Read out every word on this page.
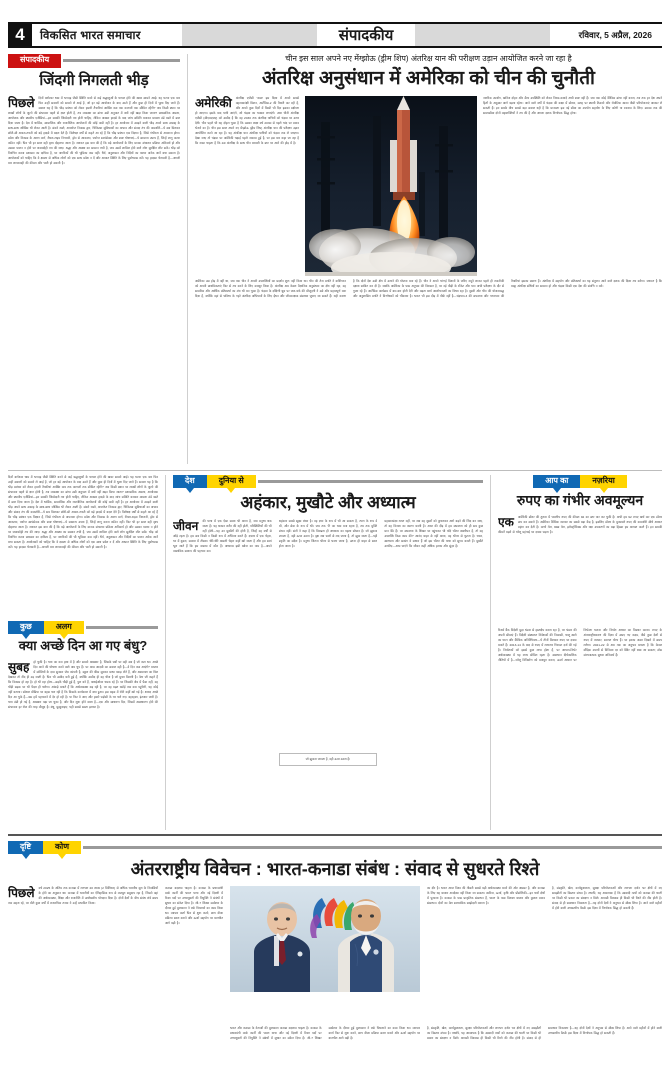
4	विकसित भारत समाचार	संपादकीय	रविवार, 5 अप्रैल, 2026
संपादकीय
जिंदगी निगलती भीड़
पिछले दिनों बागेश्वर धाम में भगदड़ जैसी स्थिति बनने से कई श्रद्धालुओं के घायल होने की खबर सामने आई। यह घटना एक बार फिर उन्हीं सवालों को सामने ले आई है, जो हर बड़े आयोजन के बाद उठते हैं और कुछ ही दिनों में भुला दिए जाते हैं। सवाल यह है कि भीड़ प्रबंधन को लेकर हमारी तैयारियां आखिर कब तक कागजों तक सीमित रहेंगी? जब किसी स्थान पर लाखों लोगों के जुटने की संभावना पहले से ज्ञात होती है, तब व्यवस्था का ढांचा उसी अनुपात में क्यों नहीं खड़ा किया जाता? प्रशासनिक अमला, आयोजक और स्थानीय एजेंसियां—इन सबकी जिम्मेदारी तय होनी चाहिए, लेकिन अक्सर हादसे के बाद जांच समिति बनाकर मामला ठंडे बस्ते में डाल दिया जाता है। देश में धार्मिक, सामाजिक और राजनीतिक आयोजनों की कोई कमी नहीं है। हर आयोजन में उमड़ने वाली भीड़ अपने साथ उत्साह के साथ-साथ जोखिम भी लेकर आती है। संकरे रास्ते, अपर्याप्त निकास द्वार, चिकित्सा सुविधाओं का अभाव और संवाद तंत्र की कमजोरी—ये सब मिलकर छोटी-सी अफरा-तफरी को बड़े हादसे में बदल देते हैं। विशेषज्ञ वर्षों से कहते आ रहे हैं कि भीड़ प्रबंधन एक विज्ञान है, जिसे गंभीरता से अपनाना होगा। प्रवेश और निकास के अलग मार्ग, रीयल-टाइम निगरानी, ड्रोन से आकलन, पर्याप्त स्वयंसेवक और स्पष्ट घोषणाएं—ये सामान्य उपाय हैं, जिन्हें लागू करना कठिन नहीं। फिर भी हर साल वही दृश्य दोहराया जाता है। जरूरत इस बात की है कि बड़े आयोजनों के लिए मानक संचालन प्रक्रिया अनिवार्य हो और उसका पालन न होने पर जवाबदेही तय की जाए। श्रद्धा और आस्था का सम्मान तभी है, जब उसमें शामिल होने वाले लोग सुरक्षित लौट सकें। भीड़ को नियंत्रित करना प्रशासन का दायित्व है, पर नागरिकों की भी भूमिका कम नहीं। धैर्य, अनुशासन और निर्देशों का पालन अनेक जानें बचा सकता है। आयोजकों को चाहिए कि वे क्षमता से अधिक लोगों को एक साथ प्रवेश न दें और आपात स्थिति के लिए पूर्वाभ्यास करें। यह हादसा चेतावनी है—अगली बार लापरवाही की कीमत और भारी हो सकती है।
चीन इस साल अपने नए मेंग्झोऊ (ड्रीम शिप) अंतरिक्ष यान की परीक्षण उड़ान आयोजित करने जा रहा है
अंतरिक्ष अनुसंधान में अमेरिका को चीन की चुनौती
अमेरिकी अंतरिक्ष एजेंसी 'नासा' इस दिशा में अपने सबसे महत्वाकांक्षी मिशन, आर्टेमिस-2 की तैयारी कर रही है, और अपने कुछ दिनों में किसी भी दिन इसका प्रक्षेपण हो जाएगा। इसके बाद यात्री आएंगे, जो चंद्रमा का चक्कर लगाएंगे। उधर चीनी अंतरिक्ष एजेंसी (सीएमएसए) को उम्मीद है कि वह 2030 तक अंतरिक्ष यात्रियों को चंद्रमा पर उतार देगी। चीन पहले भी यह दोहरा चुका है कि उसका लक्ष्य वर्ष 2030 से पहले चांद पर मानव भेजने का है। चीन इस साल अपने नए मेंग्झोऊ (ड्रीम शिप) अंतरिक्ष यान की परीक्षण उड़ान आयोजित करने जा रहा है। यह अंतरिक्ष यान अंतरिक्ष यात्रियों को चंद्रमा तक ले जाएगा। देखा जाए तो चंद्रमा पर अमेरिकी चढ़ाई पहले नाकाम हुई है, पर इस बार कहा जा रहा है कि नासा चाहता है कि उस अंतरिक्ष के साथ चीन बराबरी के स्तर पर आने की होड़ में है।
नागरिक उपयोग, खनिज दोहन और सैन्य उपस्थिति को लेकर नियम-कायदे अभी स्पष्ट नहीं हैं। जब तक कोई वैश्विक ढांचा नहीं बनता, तब तक हर देश अपने हितों के अनुसार आगे बढ़ता रहेगा। आने वाले वर्षों में चंद्रमा की कक्षा में स्टेशन, सतह पर स्थायी ठिकाने और रोबोटिक खनन जैसी परियोजनाएं आकार ले सकती हैं। इन सबके बीच सबसे बड़ा सवाल यही है कि मानवता इस नई सीमा का उपयोग सहयोग के लिए करेगी या टकराव के लिए। 2030 तक की समयसीमा दोनों महाशक्तियों ने तय की है और अगला दशक निर्णायक सिद्ध होगा।
अमेरिका उस होड़ में नहीं था, जब तक चीन ने अपनी उपलब्धियों का प्रदर्शन शुरू नहीं किया था। चीन की तेज प्रगति ने वाशिंगटन को अपनी प्राथमिकताएं फिर से तय करने के लिए मजबूर किया है। अंतरिक्ष अब केवल वैज्ञानिक अनुसंधान का क्षेत्र नहीं रहा, वह सामरिक और आर्थिक प्रतिस्पर्धा का मंच भी बन चुका है। चंद्रमा के दक्षिणी ध्रुव पर जल-बर्फ की मौजूदगी ने उसे और महत्वपूर्ण बना दिया है, क्योंकि वहां से भविष्य के गहरे अंतरिक्ष अभियानों के लिए ईंधन और जीवनरक्षक संसाधन जुटाए जा सकते हैं। यही कारण है कि दोनों देश उसी क्षेत्र में उतरने की योजना बना रहे हैं। चीन ने अपने चांग'ई मिशनों के जरिए नमूने लाकर पहले ही तकनीकी दक्षता साबित कर दी है। जबकि अमेरिका के पास अनुभव की विरासत है, पर नई पीढ़ी के रॉकेट और यान अभी परीक्षण के दौर से गुजर रहे हैं। आर्टेमिस कार्यक्रम में बार-बार होती देरी और बढ़ता खर्च आलोचनाओं का विषय रहा है। दूसरी ओर चीन की योजनाबद्ध और अनुशासित प्रगति ने विश्लेषकों को चौंकाया है। भारत भी इस दौड़ में पीछे नहीं है—चंद्रयान-3 की सफलता और गगनयान की तैयारियां इसका प्रमाण हैं। अंतरिक्ष में सहयोग और प्रतिस्पर्धा का यह संतुलन आने वाले दशक की दिशा तय करेगा। जरूरत है कि बाह्य अंतरिक्ष संधियों का सम्मान हो और चंद्रमा किसी एक देश की संपत्ति न बने।
दिनों बागेश्वर धाम में भगदड़ जैसी स्थिति बनने से कई श्रद्धालुओं के घायल होने की खबर सामने आई। यह घटना एक बार फिर उन्हीं सवालों को सामने ले आई है, जो हर बड़े आयोजन के बाद उठते हैं और कुछ ही दिनों में भुला दिए जाते हैं। सवाल यह है कि भीड़ प्रबंधन को लेकर हमारी तैयारियां आखिर कब तक कागजों तक सीमित रहेंगी? जब किसी स्थान पर लाखों लोगों के जुटने की संभावना पहले से ज्ञात होती है, तब व्यवस्था का ढांचा उसी अनुपात में क्यों नहीं खड़ा किया जाता? प्रशासनिक अमला, आयोजक और स्थानीय एजेंसियां—इन सबकी जिम्मेदारी तय होनी चाहिए, लेकिन अक्सर हादसे के बाद जांच समिति बनाकर मामला ठंडे बस्ते में डाल दिया जाता है। देश में धार्मिक, सामाजिक और राजनीतिक आयोजनों की कोई कमी नहीं है। हर आयोजन में उमड़ने वाली भीड़ अपने साथ उत्साह के साथ-साथ जोखिम भी लेकर आती है। संकरे रास्ते, अपर्याप्त निकास द्वार, चिकित्सा सुविधाओं का अभाव और संवाद तंत्र की कमजोरी—ये सब मिलकर छोटी-सी अफरा-तफरी को बड़े हादसे में बदल देते हैं। विशेषज्ञ वर्षों से कहते आ रहे हैं कि भीड़ प्रबंधन एक विज्ञान है, जिसे गंभीरता से अपनाना होगा। प्रवेश और निकास के अलग मार्ग, रीयल-टाइम निगरानी, ड्रोन से आकलन, पर्याप्त स्वयंसेवक और स्पष्ट घोषणाएं—ये सामान्य उपाय हैं, जिन्हें लागू करना कठिन नहीं। फिर भी हर साल वही दृश्य दोहराया जाता है। जरूरत इस बात की है कि बड़े आयोजनों के लिए मानक संचालन प्रक्रिया अनिवार्य हो और उसका पालन न होने पर जवाबदेही तय की जाए। श्रद्धा और आस्था का सम्मान तभी है, जब उसमें शामिल होने वाले लोग सुरक्षित लौट सकें। भीड़ को नियंत्रित करना प्रशासन का दायित्व है, पर नागरिकों की भी भूमिका कम नहीं। धैर्य, अनुशासन और निर्देशों का पालन अनेक जानें बचा सकता है। आयोजकों को चाहिए कि वे क्षमता से अधिक लोगों को एक साथ प्रवेश न दें और आपात स्थिति के लिए पूर्वाभ्यास करें। यह हादसा चेतावनी है—अगली बार लापरवाही की कीमत और भारी हो सकती है।
कुछ	अलग
क्या अच्छे दिन आ गए बंधु?
सुबह हो चुकी है। चाय का कप हाथ में है और सामने अखबार है, जिसके पन्नों पर वही सब है जो कल था। अच्छे दिन आने की घोषणा करने वाले अब चुप हैं। पर आम आदमी का सवाल वही है—वे दिन कब आएंगे? बाजार में सब्जियों के दाम सुनकर जेब कांपती है, स्कूल की फीस सुनकर माथा पकड़ लेते हैं, और अस्पताल का बिल देखकर तो नींद ही उड़ जाती है। फिर भी उम्मीद बनी हुई है, क्योंकि उम्मीद ही वह चीज है जो मुफ्त मिलती है। नेता जी कहते हैं कि विकास हो रहा है। हो भी रहा होगा—सड़कें चौड़ी हुई हैं, पुल बने हैं, फ्लाईओवर चमक रहे हैं। पर जिसकी जेब में पैसा नहीं, वह चौड़ी सड़क पर भी पैदल ही चलेगा। आंकड़े बताते हैं कि अर्थव्यवस्था बढ़ रही है, पर वह बढ़त रसोई तक कब पहुंचेगी, यह कोई नहीं बताता। सोशल मीडिया पर बहस चल रही है कि किसके कार्यकाल में क्या हुआ। इस बहस में रोटी कहीं खो गई है। शायद अच्छे दिन आ चुके हैं—बस हमें पहचानने में देर हो रही है। या फिर वे आए और हमारे पड़ोसी के घर चले गए। बहरहाल, इंतजार जारी है। चाय ठंडी हो गई है, अखबार पढ़ा जा चुका है, और दिन शुरू होने वाला है—एक और साधारण दिन, जिसमें असाधारण होने की संभावना हर रोज की तरह मौजूद है। बंधु, मुस्कुराइए; यही सबसे सस्ता इलाज है।
देश	दुनिया से
अहंकार, मुखौटे और अध्यात्म
जीवन की यात्रा में एक ऐसा समय भी आता है, जब मनुष्य थक जाता है। यह थकान शरीर की नहीं होती, परिस्थितियों की भी नहीं होती—यह उन मुखौटों की होती है, जिन्हें वह वर्षों से ओढ़े रहता है। हम सब किसी न किसी रूप में अभिनय करते हैं। दफ्तर में एक चेहरा, घर में दूसरा, समाज में तीसरा। धीरे-धीरे असली चेहरा कहीं खो जाता है और हम स्वयं भूल जाते हैं कि हम वास्तव में कौन हैं। अध्यात्म इसी खोज का नाम है—अपने वास्तविक स्वरूप की पहचान का।
अहंकार सबसे सूक्ष्म बंधन है। वह ज्ञान के रूप में भी आ सकता है, त्याग के रूप में भी, और सेवा के रूप में भी। जब तक 'मैं' का भाव बना रहता है, तब तक मुक्ति संभव नहीं। संतों ने कहा है कि विनम्रता ही अध्यात्म का पहला सोपान है। जो झुकना जानता है, वही ऊपर उठता है। वृक्ष जब फलों से लद जाता है, तो झुक जाता है—यही प्रकृति का संदेश है। मनुष्य जितना भीतर से भरता जाता है, उतना ही बाहर से सरल होता जाता है।
जो झुकना जानता है, वही ऊपर उठता है।
महत्वाकांक्षा गलत नहीं, पर जब वह दूसरों को कुचलकर आगे बढ़ने की जिद बन जाए, तो वह विनाश का कारण बनती है। आज की दौड़ में हम सफलता को ही सब कुछ मान बैठे हैं। पर सफलता के शिखर पर पहुंचकर भी यदि भीतर खालीपन है, तो वह उपलब्धि किस काम की? आनंद बाहर से नहीं आता, वह भीतर से फूटता है। ध्यान, स्वाध्याय और सत्संग वे साधन हैं जो इस भीतर की यात्रा को सुगम बनाते हैं। मुखौटे उतारिए—आप पाएंगे कि जीवन कहीं अधिक हल्का और सुंदर है।
आप का	नज़रिया
रुपए का गंभीर अवमूल्यन
एक अमेरिकी डॉलर की तुलना में भारतीय रुपए की कीमत 92 का स्तर पार कर चुकी है। अभी हम 92 रुपए खर्च कर एक डॉलर क्रय कर सकते हैं। अमेरिका वैश्विक व्यापार का सबसे बड़ा केंद्र है, इसलिए डॉलर के मुकाबले रुपए की कमजोरी सीधे आयात महंगा कर देती है। कच्चे तेल, खाद्य तेल, इलेक्ट्रॉनिक्स और रक्षा उपकरणों का बड़ा हिस्सा हम आयात करते हैं। इन सबकी कीमतें बढ़ने से घरेलू महंगाई पर दबाव पड़ता है।
रिजर्व बैंक विदेशी मुद्रा भंडार से हस्तक्षेप करता रहा है, पर भंडार की अपनी सीमाएं हैं। विदेशी संस्थागत निवेशकों की निकासी, चालू खाते का घाटा और वैश्विक अनिश्चितता—ये तीनों मिलकर रुपए पर दबाव बनाते हैं। 2013-14 के बाद से रुपए में लगातार गिरावट दर्ज की गई है। निर्यातकों को इससे कुछ लाभ होता है, पर आयात-निर्भर अर्थव्यवस्था में यह लाभ सीमित रहता है। समाधान दीर्घकालिक नीतियों में है—घरेलू विनिर्माण को मजबूत करना, ऊर्जा आयात पर निर्भरता घटाना और निर्यात आधार का विस्तार करना। रुपए के अंतरराष्ट्रीयकरण की दिशा में उठाए गए कदम, जैसे कुछ देशों से रुपए में व्यापार, स्वागत योग्य हैं। पर इनका असर दिखने में समय लगेगा। 2021-22 से अब तक का अनुभव बताता है कि केवल मौद्रिक उपायों से विनिमय दर को स्थिर नहीं रखा जा सकता; ठोस संरचनात्मक सुधार अनिवार्य हैं।
दृष्टि	कोण
अंतरराष्ट्रीय विवेचन : भारत-कनाडा संबंध : संवाद से सुधरते रिश्ते
पिछले वर्ष 2025 के अंतिम तक कनाडा में लगभग 20 लाख (2 मिलियन) से अधिक भारतीय मूल के निवासियों के होने का अनुमान था। कनाडा में भारतीयों का ऐतिहासिक रूप से मजबूत समुदाय रहा है, जिसने वहां की अर्थव्यवस्था, शिक्षा और राजनीति में उल्लेखनीय योगदान दिया है। दोनों देशों के बीच संबंध लंबे समय तक सहज रहे, पर बीते कुछ वर्षों में राजनयिक तनाव ने उन्हें प्रभावित किया।
कनाडा बदलाव चाहता है। कनाडा के प्रधानमंत्री मार्क कार्नी की भारत यात्रा और नई दिल्ली में रिक्त पदों पर उच्चायुक्तों की नियुक्ति ने संबंधों में सुधार का संकेत दिया है। जी-7 शिखर सम्मेलन के दौरान हुई मुलाकात ने बर्फ पिघलाने का काम किया था। व्यापार वार्ता फिर से शुरू करने, छात्र वीजा प्रक्रिया सरल बनाने और ऊर्जा सहयोग पर बातचीत आगे बढ़ी है।
का दौर है। भारत आज विश्व की तीसरी सबसे बड़ी अर्थव्यवस्था बनने की ओर अग्रसर है, और कनाडा के लिए यह बाजार अनदेखा नहीं किया जा सकता। खनिज, ऊर्जा, कृषि और प्रौद्योगिकी—इन चारों क्षेत्रों में पूरकता है। कनाडा के पास प्राकृतिक संसाधन हैं, भारत के पास विशाल बाजार और कुशल मानव संसाधन। दोनों का मेल स्वाभाविक साझेदारी बनाता है।
है, संस्कृति, खेल, कार्यकुशलता, सुरक्षा परियोजनाओं और लगभग दर्जन भर क्षेत्रों में नए समझौतों का विस्तार संभव है। तथापि, यह आवश्यक है कि उग्रवादी तत्वों को कनाडा की धरती पर किसी भी प्रकार का संरक्षण न मिले। आपसी विश्वास ही किसी भी रिश्ते की नींव होती है। संवाद से ही समाधान निकलता है—यह दोनों देशों ने अनुभव से सीख लिया है। आने वाले महीनों में होने वाली उच्चस्तरीय बैठकें इस दिशा में निर्णायक सिद्ध हो सकती हैं।
भारत और कनाडा के नेताओं की मुलाकात कनाडा बदलाव चाहता है। कनाडा के प्रधानमंत्री मार्क कार्नी की भारत यात्रा और नई दिल्ली में रिक्त पदों पर उच्चायुक्तों की नियुक्ति ने संबंधों में सुधार का संकेत दिया है। जी-7 शिखर सम्मेलन के दौरान हुई मुलाकात ने बर्फ पिघलाने का काम किया था। व्यापार वार्ता फिर से शुरू करने, छात्र वीजा प्रक्रिया सरल बनाने और ऊर्जा सहयोग पर बातचीत आगे बढ़ी है।
है, संस्कृति, खेल, कार्यकुशलता, सुरक्षा परियोजनाओं और लगभग दर्जन भर क्षेत्रों में नए समझौतों का विस्तार संभव है। तथापि, यह आवश्यक है कि उग्रवादी तत्वों को कनाडा की धरती पर किसी भी प्रकार का संरक्षण न मिले। आपसी विश्वास ही किसी भी रिश्ते की नींव होती है। संवाद से ही समाधान निकलता है—यह दोनों देशों ने अनुभव से सीख लिया है। आने वाले महीनों में होने वाली उच्चस्तरीय बैठकें इस दिशा में निर्णायक सिद्ध हो सकती हैं।
